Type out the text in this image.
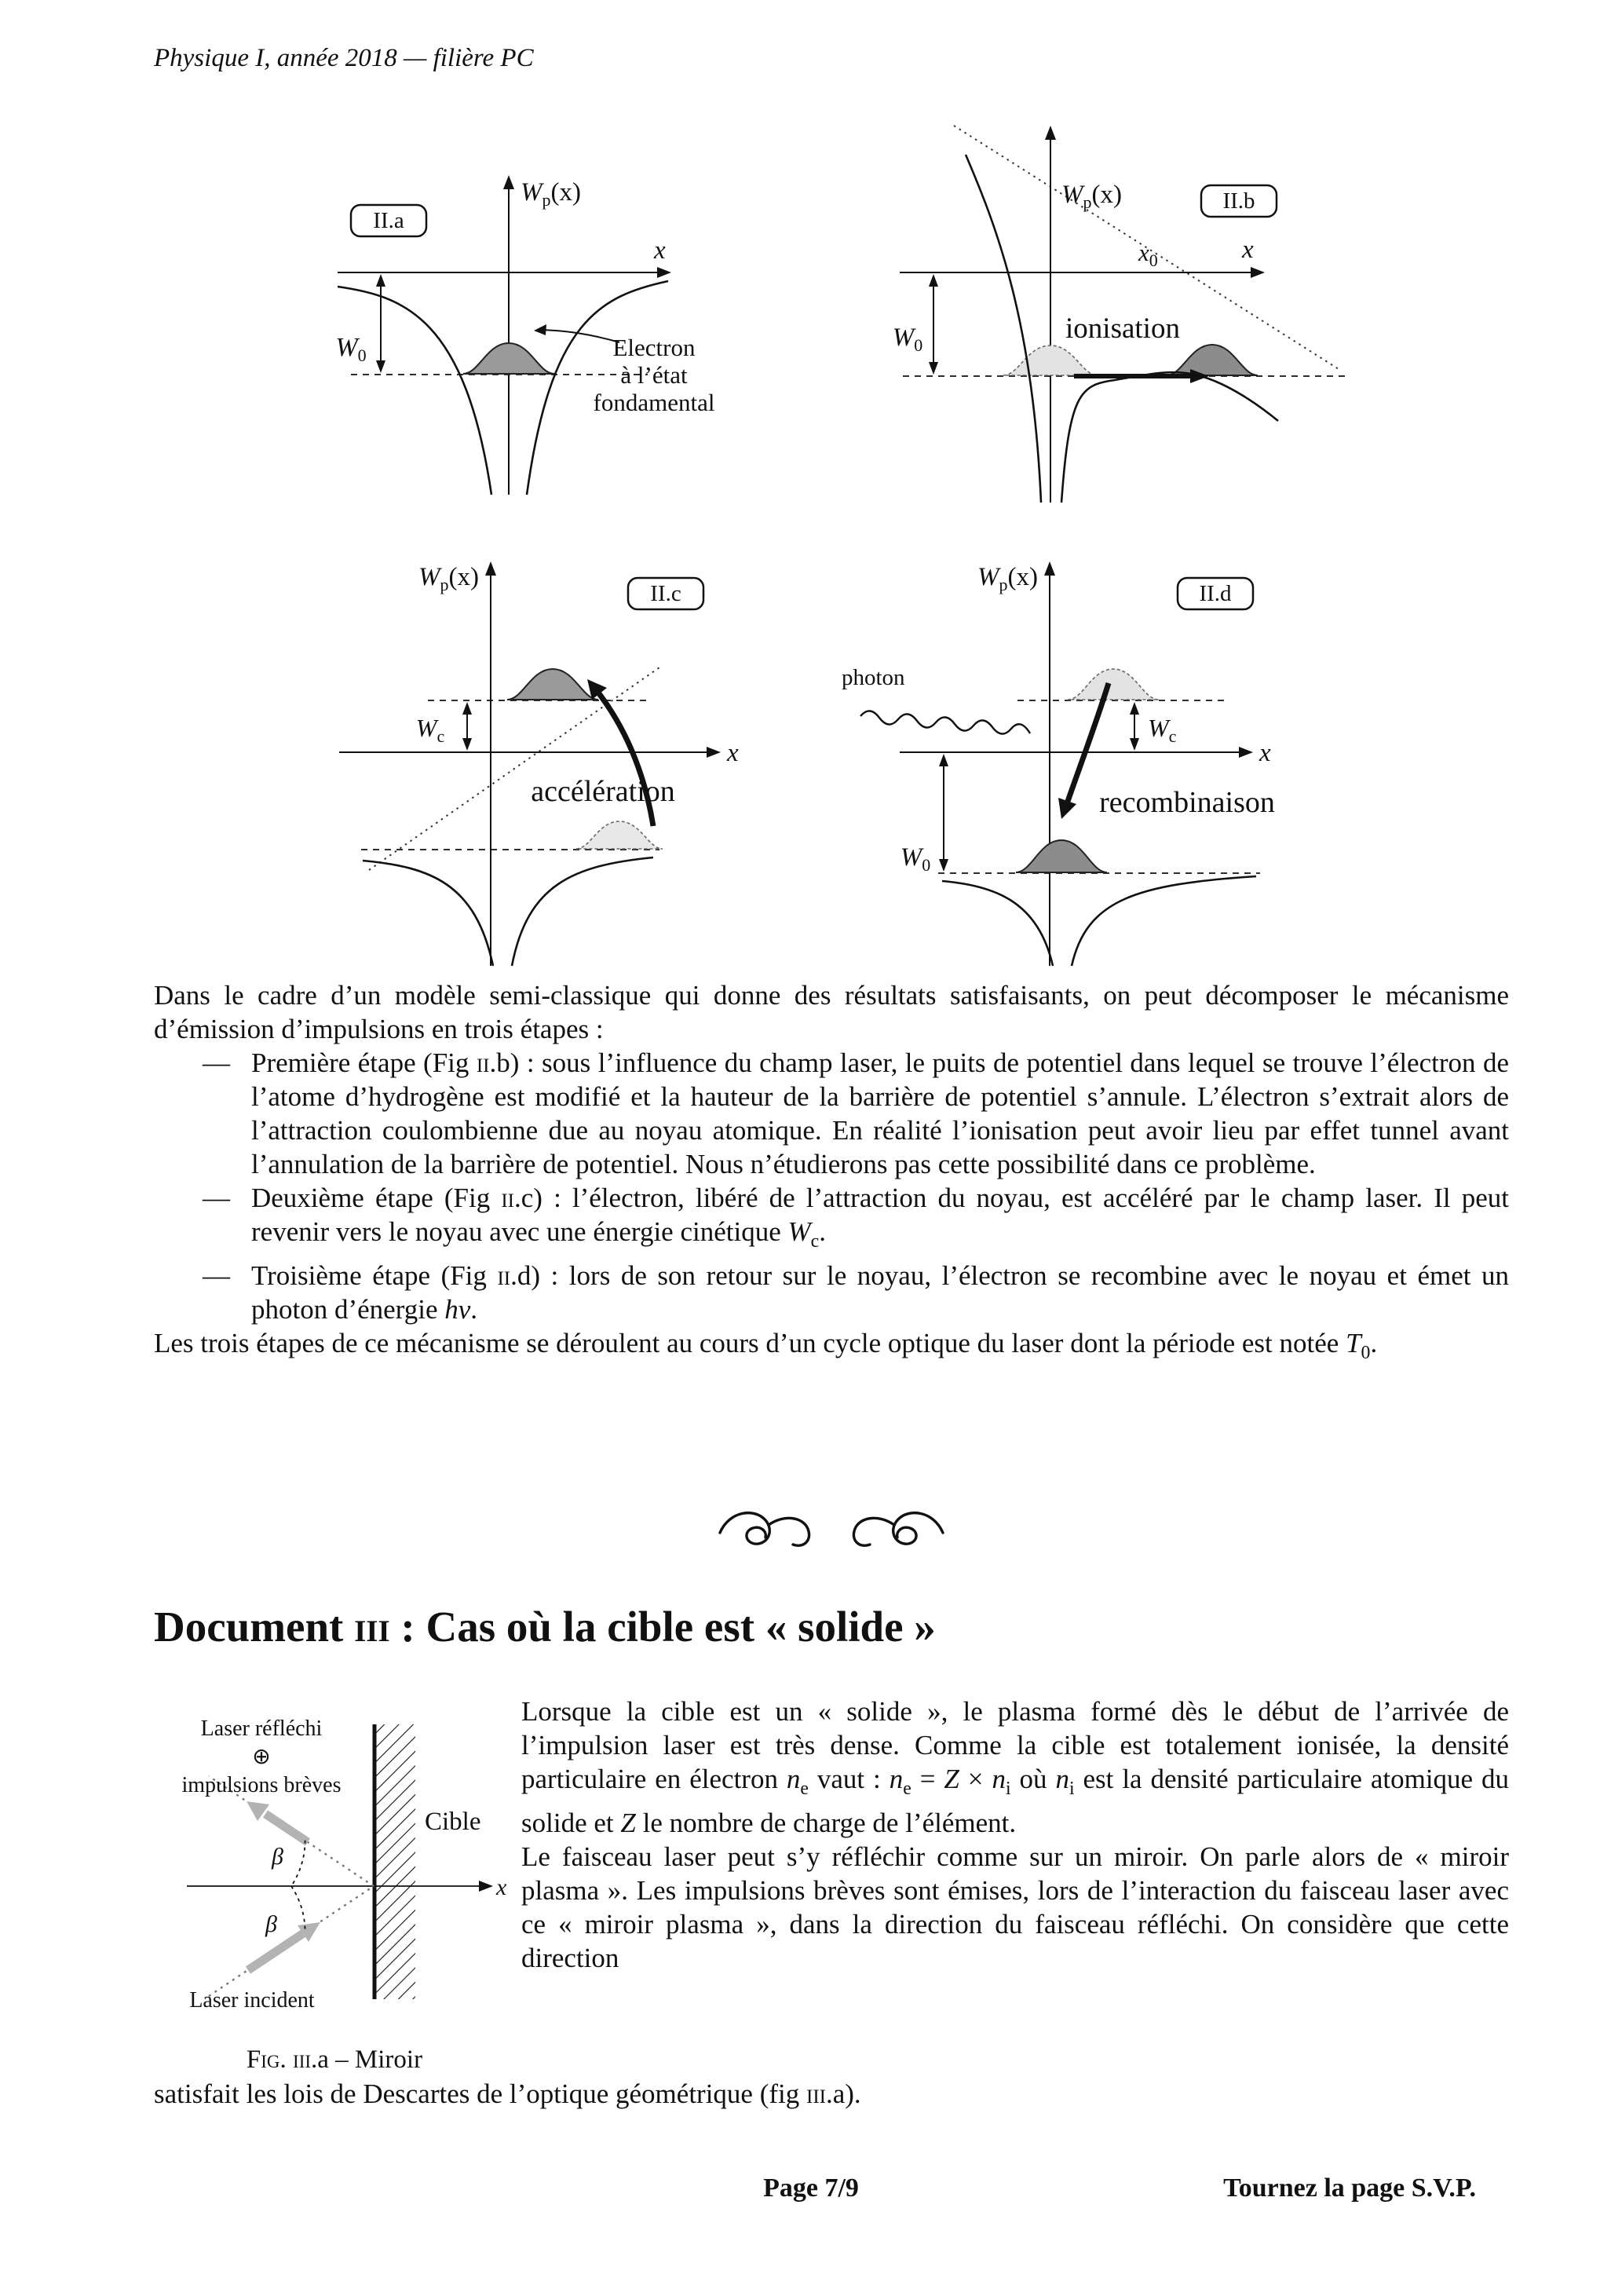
Physique I, année 2018 — filière PC
II.a
$W_p(x)$
x
$W_0$	Electron
à l’état
fondamental
II.b
$W_p(x)$
x
$x_0$
$W_0$
ionisation
II.c
$W_p(x)$
x
$W_c$
accélération
II.d
$W_p(x)$
x
$W_c$
photon
$W_0$
recombinaison

Dans le cadre d’un modèle semi-classique qui donne des résultats satisfaisants, on peut décomposer le mécanisme d’émission d’impulsions en trois étapes :

— Première étape (Fig ii.b) : sous l’influence du champ laser, le puits de potentiel dans lequel se trouve l’électron de l’atome d’hydrogène est modifié et la hauteur de la barrière de potentiel s’annule. L’électron s’extrait alors de l’attraction coulombienne due au noyau atomique. En réalité l’ionisation peut avoir lieu par effet tunnel avant l’annulation de la barrière de potentiel. Nous n’étudierons pas cette possibilité dans ce problème.

— Deuxième étape (Fig ii.c) : l’électron, libéré de l’attraction du noyau, est accéléré par le champ laser. Il peut revenir vers le noyau avec une énergie cinétique $W_c$.

— Troisième étape (Fig ii.d) : lors de son retour sur le noyau, l’électron se recombine avec le noyau et émet un photon d’énergie hν.

Les trois étapes de ce mécanisme se déroulent au cours d’un cycle optique du laser dont la période est notée $T_0$.

Document iii : Cas où la cible est « solide »
x
β
β
Laser réfléchi
⊕
impulsions brèves
Cible
Laser incident
Fig. iii.a – Miroir

Lorsque la cible est un « solide », le plasma formé dès le début de l’arrivée de l’impulsion laser est très dense. Comme la cible est totalement ionisée, la densité particulaire en électron $n_e$ vaut : $n_e = Z \times n_i$ où $n_i$ est la densité particulaire atomique du solide et Z le nombre de charge de l’élément.

Le faisceau laser peut s’y réfléchir comme sur un miroir. On parle alors de « miroir plasma ». Les impulsions brèves sont émises, lors de l’interaction du faisceau laser avec ce « miroir plasma », dans la direction du faisceau réfléchi. On considère que cette direction

satisfait les lois de Descartes de l’optique géométrique (fig iii.a).

Page 7/9	Tournez la page S.V.P.
